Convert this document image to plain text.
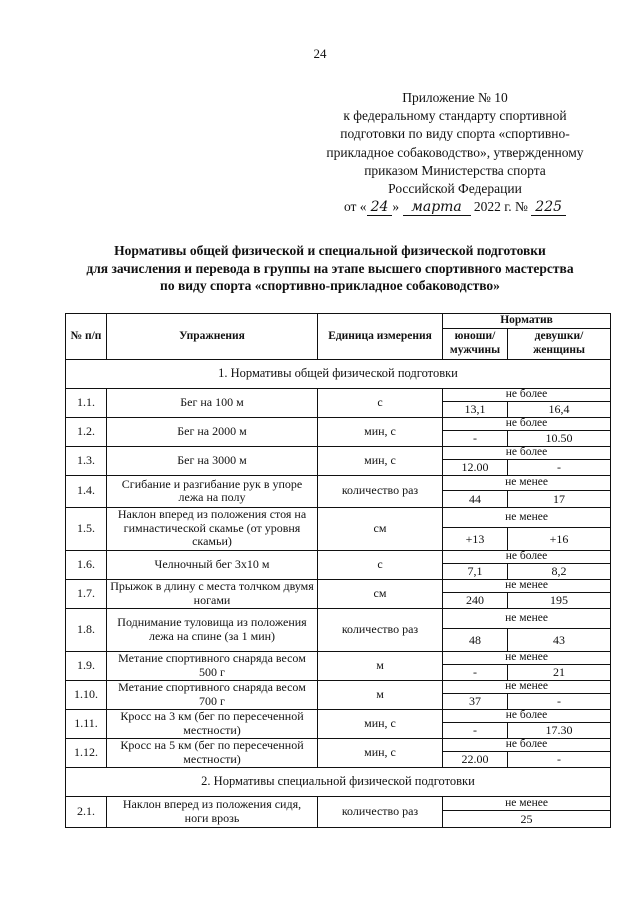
24
Приложение № 10
к федеральному стандарту спортивной
подготовки по виду спорта «спортивно-
прикладное собаководство», утвержденному
приказом Министерства спорта
Российской Федерации
от « 24 » марта 2022 г. № 225
Нормативы общей физической и специальной физической подготовки
для зачисления и перевода в группы на этапе высшего спортивного мастерства
по виду спорта «спортивно-прикладное собаководство»
№ п/п	Упражнения	Единица измерения	Норматив	
			юноши/ мужчины	девушки/ женщины
1. Нормативы общей физической подготовки				
1.1.	Бег на 100 м	с	не более	
			13,1	16,4
1.2.	Бег на 2000 м	мин, с	не более	
			-	10.50
1.3.	Бег на 3000 м	мин, с	не более	
			12.00	-
1.4.	Сгибание и разгибание рук в упоре лежа на полу	количество раз	не менее	
			44	17
1.5.	Наклон вперед из положения стоя на гимнастической скамье (от уровня скамьи)	см	не менее	
			+13	+16
1.6.	Челночный бег 3х10 м	с	не более	
			7,1	8,2
1.7.	Прыжок в длину с места толчком двумя ногами	см	не менее	
			240	195
1.8.	Поднимание туловища из положения лежа на спине (за 1 мин)	количество раз	не менее	
			48	43
1.9.	Метание спортивного снаряда весом 500 г	м	не менее	
			-	21
1.10.	Метание спортивного снаряда весом 700 г	м	не менее	
			37	-
1.11.	Кросс на 3 км (бег по пересеченной местности)	мин, с	не более	
			-	17.30
1.12.	Кросс на 5 км (бег по пересеченной местности)	мин, с	не более	
			22.00	-
2. Нормативы специальной физической подготовки				
2.1.	Наклон вперед из положения сидя, ноги врозь	количество раз	не менее	
			25	
